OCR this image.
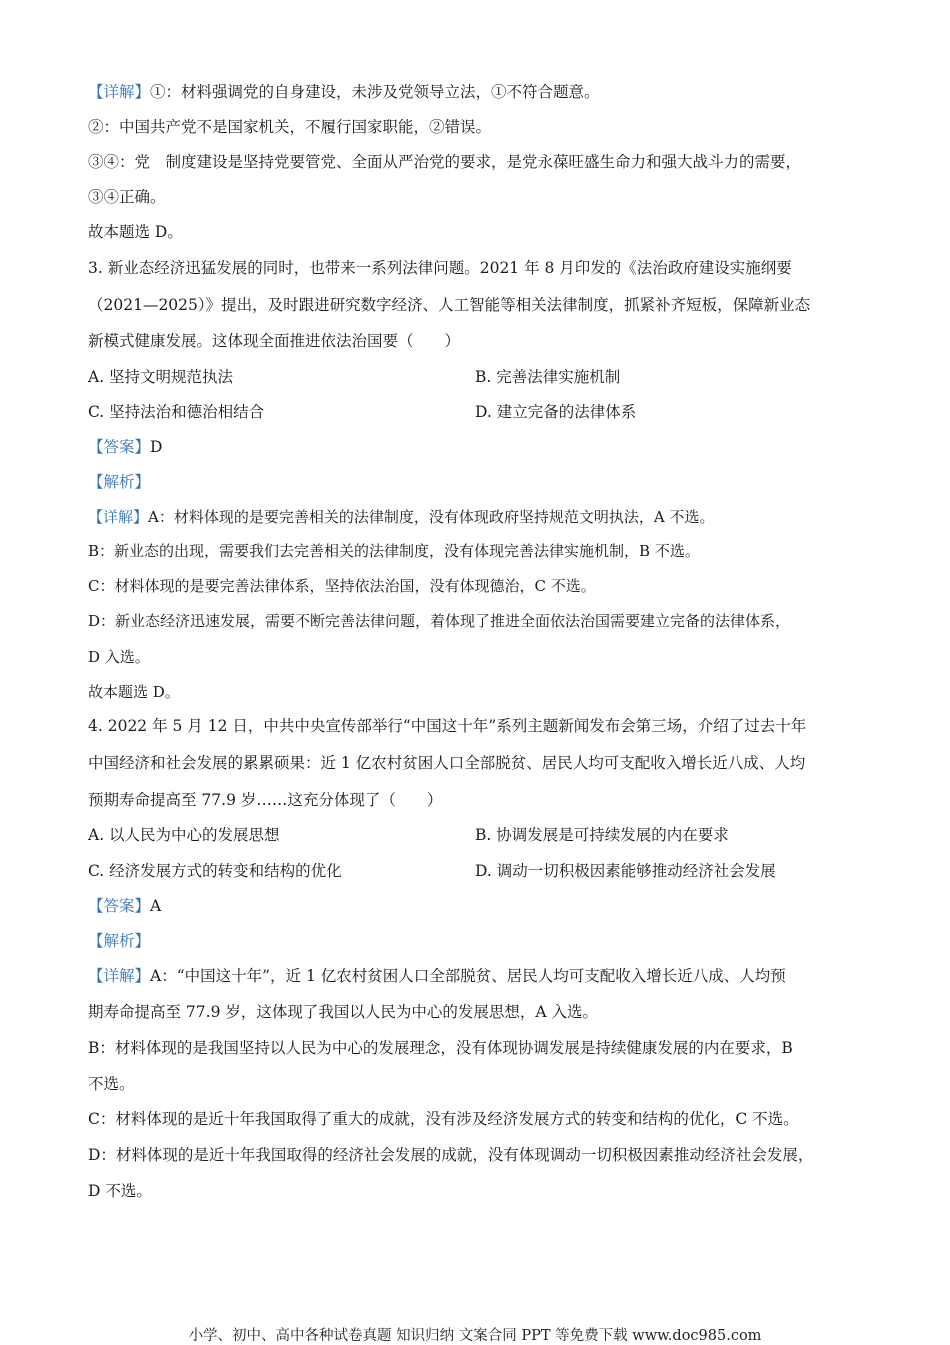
【详解】①：材料强调党的自身建设，未涉及党领导立法，①不符合题意。
②：中国共产党不是国家机关，不履行国家职能，②错误。
③④：党　制度建设是坚持党要管党、全面从严治党的要求，是党永葆旺盛生命力和强大战斗力的需要，
③④正确。
故本题选 D。
3. 新业态经济迅猛发展的同时，也带来一系列法律问题。2021 年 8 月印发的《法治政府建设实施纲要
（2021—2025）》提出，及时跟进研究数字经济、人工智能等相关法律制度，抓紧补齐短板，保障新业态
新模式健康发展。这体现全面推进依法治国要（　　）
A. 坚持文明规范执法	B. 完善法律实施机制
C. 坚持法治和德治相结合	D. 建立完备的法律体系
【答案】D
【解析】
【详解】A：材料体现的是要完善相关的法律制度，没有体现政府坚持规范文明执法，A 不选。
B：新业态的出现，需要我们去完善相关的法律制度，没有体现完善法律实施机制，B 不选。
C：材料体现的是要完善法律体系，坚持依法治国，没有体现德治，C 不选。
D：新业态经济迅速发展，需要不断完善法律问题，着体现了推进全面依法治国需要建立完备的法律体系，
D 入选。
故本题选 D。
4. 2022 年 5 月 12 日，中共中央宣传部举行“中国这十年”系列主题新闻发布会第三场，介绍了过去十年
中国经济和社会发展的累累硕果：近 1 亿农村贫困人口全部脱贫、居民人均可支配收入增长近八成、人均
预期寿命提高至 77.9 岁……这充分体现了（　　）
A. 以人民为中心的发展思想	B. 协调发展是可持续发展的内在要求
C. 经济发展方式的转变和结构的优化	D. 调动一切积极因素能够推动经济社会发展
【答案】A
【解析】
【详解】A：“中国这十年”，近 1 亿农村贫困人口全部脱贫、居民人均可支配收入增长近八成、人均预
期寿命提高至 77.9 岁，这体现了我国以人民为中心的发展思想，A 入选。
B：材料体现的是我国坚持以人民为中心的发展理念，没有体现协调发展是持续健康发展的内在要求，B
不选。
C：材料体现的是近十年我国取得了重大的成就，没有涉及经济发展方式的转变和结构的优化，C 不选。
D：材料体现的是近十年我国取得的经济社会发展的成就，没有体现调动一切积极因素推动经济社会发展，
D 不选。
小学、初中、高中各种试卷真题 知识归纳 文案合同 PPT 等免费下载 www.doc985.com
